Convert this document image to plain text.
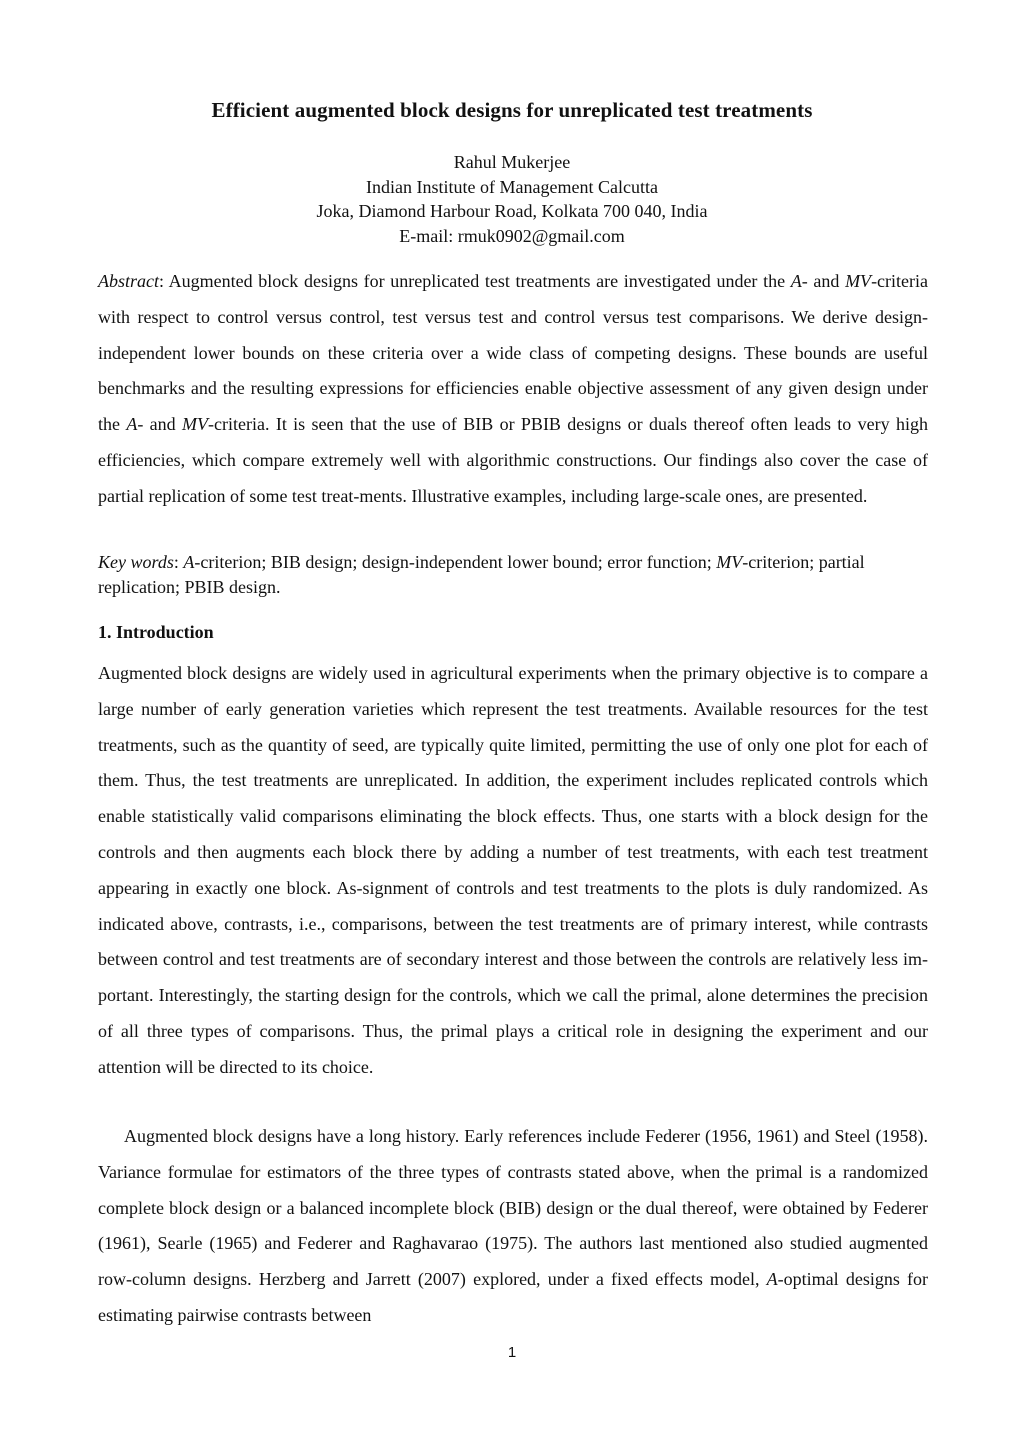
Efficient augmented block designs for unreplicated test treatments
Rahul Mukerjee
Indian Institute of Management Calcutta
Joka, Diamond Harbour Road, Kolkata 700 040, India
E-mail: rmuk0902@gmail.com
Abstract: Augmented block designs for unreplicated test treatments are investigated under the A- and MV-criteria with respect to control versus control, test versus test and control versus test comparisons. We derive design-independent lower bounds on these criteria over a wide class of competing designs. These bounds are useful benchmarks and the resulting expressions for efficiencies enable objective assessment of any given design under the A- and MV-criteria. It is seen that the use of BIB or PBIB designs or duals thereof often leads to very high efficiencies, which compare extremely well with algorithmic constructions. Our findings also cover the case of partial replication of some test treat-ments. Illustrative examples, including large-scale ones, are presented.
Key words: A-criterion; BIB design; design-independent lower bound; error function; MV-criterion; partial replication; PBIB design.
1. Introduction
Augmented block designs are widely used in agricultural experiments when the primary objective is to compare a large number of early generation varieties which represent the test treatments. Available resources for the test treatments, such as the quantity of seed, are typically quite limited, permitting the use of only one plot for each of them. Thus, the test treatments are unreplicated. In addition, the experiment includes replicated controls which enable statistically valid comparisons eliminating the block effects. Thus, one starts with a block design for the controls and then augments each block there by adding a number of test treatments, with each test treatment appearing in exactly one block. As-signment of controls and test treatments to the plots is duly randomized. As indicated above, contrasts, i.e., comparisons, between the test treatments are of primary interest, while contrasts between control and test treatments are of secondary interest and those between the controls are relatively less im-portant. Interestingly, the starting design for the controls, which we call the primal, alone determines the precision of all three types of comparisons. Thus, the primal plays a critical role in designing the experiment and our attention will be directed to its choice.
Augmented block designs have a long history. Early references include Federer (1956, 1961) and Steel (1958). Variance formulae for estimators of the three types of contrasts stated above, when the primal is a randomized complete block design or a balanced incomplete block (BIB) design or the dual thereof, were obtained by Federer (1961), Searle (1965) and Federer and Raghavarao (1975). The authors last mentioned also studied augmented row-column designs. Herzberg and Jarrett (2007) explored, under a fixed effects model, A-optimal designs for estimating pairwise contrasts between
1
